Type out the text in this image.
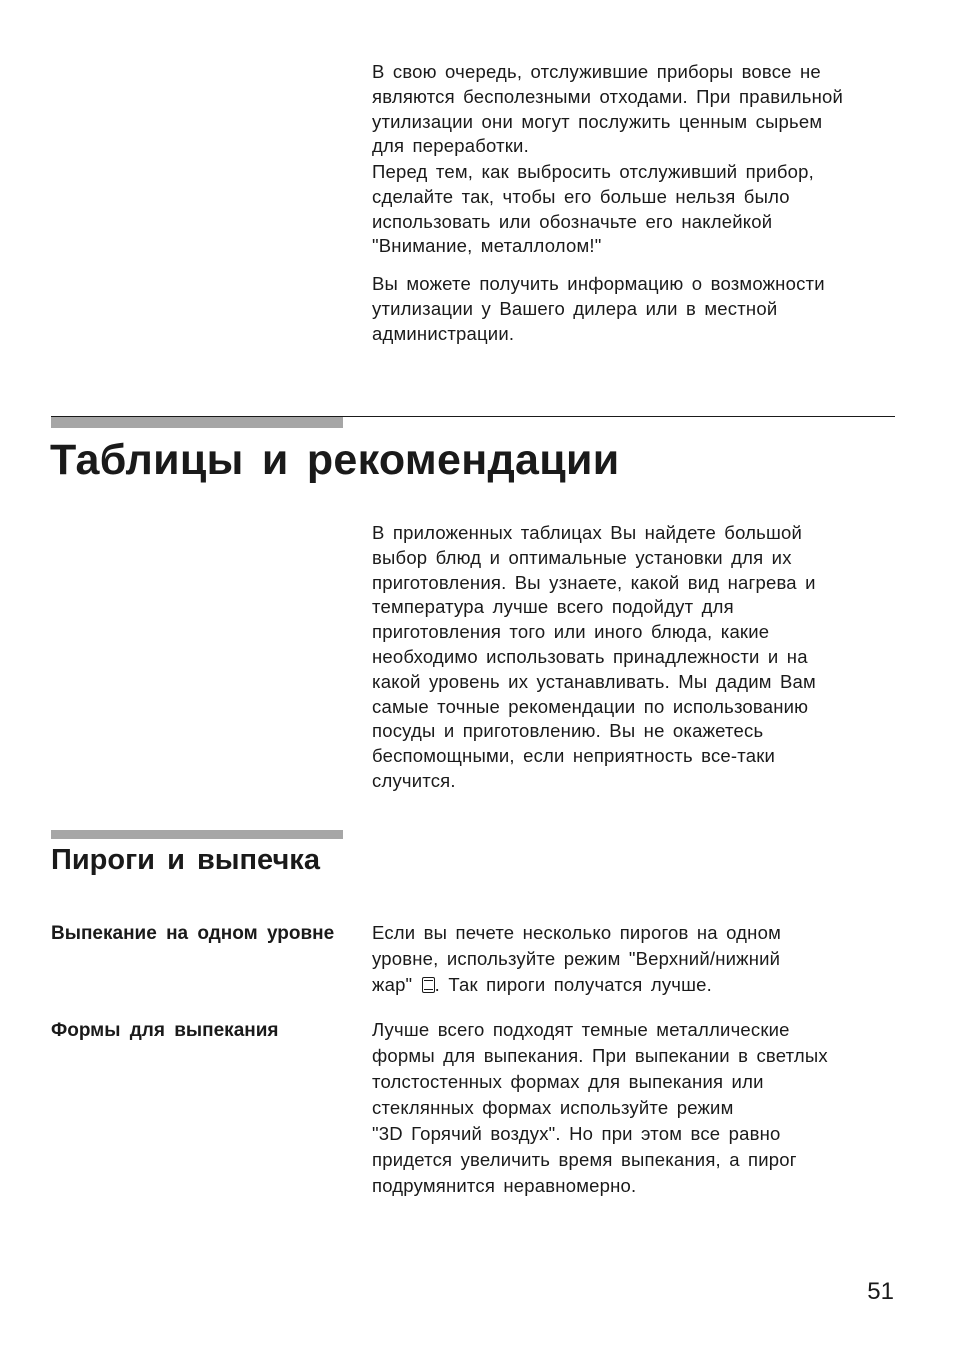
В свою очередь, отслужившие приборы вовсе не
являются бесполезными отходами. При правильной
утилизации они могут послужить ценным сырьем
для переработки.
Перед тем, как выбросить отслуживший прибор,
сделайте так, чтобы его больше нельзя было
использовать или обозначьте его наклейкой
"Внимание, металлолом!"
Вы можете получить информацию о возможности
утилизации у Вашего дилера или в местной
администрации.
Таблицы и рекомендации
В приложенных таблицах Вы найдете большой
выбор блюд и оптимальные установки для их
приготовления. Вы узнаете, какой вид нагрева и
температура лучше всего подойдут для
приготовления того или иного блюда, какие
необходимо использовать принадлежности и на
какой уровень их устанавливать. Мы дадим Вам
самые точные рекомендации по использованию
посуды и приготовлению. Вы не окажетесь
беспомощными, если неприятность все-таки
случится.
Пироги и выпечка
Выпекание на одном уровне	Если вы печете несколько пирогов на одном
уровне, используйте режим "Верхний/нижний
жар" . Так пироги получатся лучше.
Формы для выпекания	Лучше всего подходят темные металлические
формы для выпекания. При выпекании в светлых
толстостенных формах для выпекания или
стеклянных формах используйте режим
"3D Горячий воздух". Но при этом все равно
придется увеличить время выпекания, а пирог
подрумянится неравномерно.
51
